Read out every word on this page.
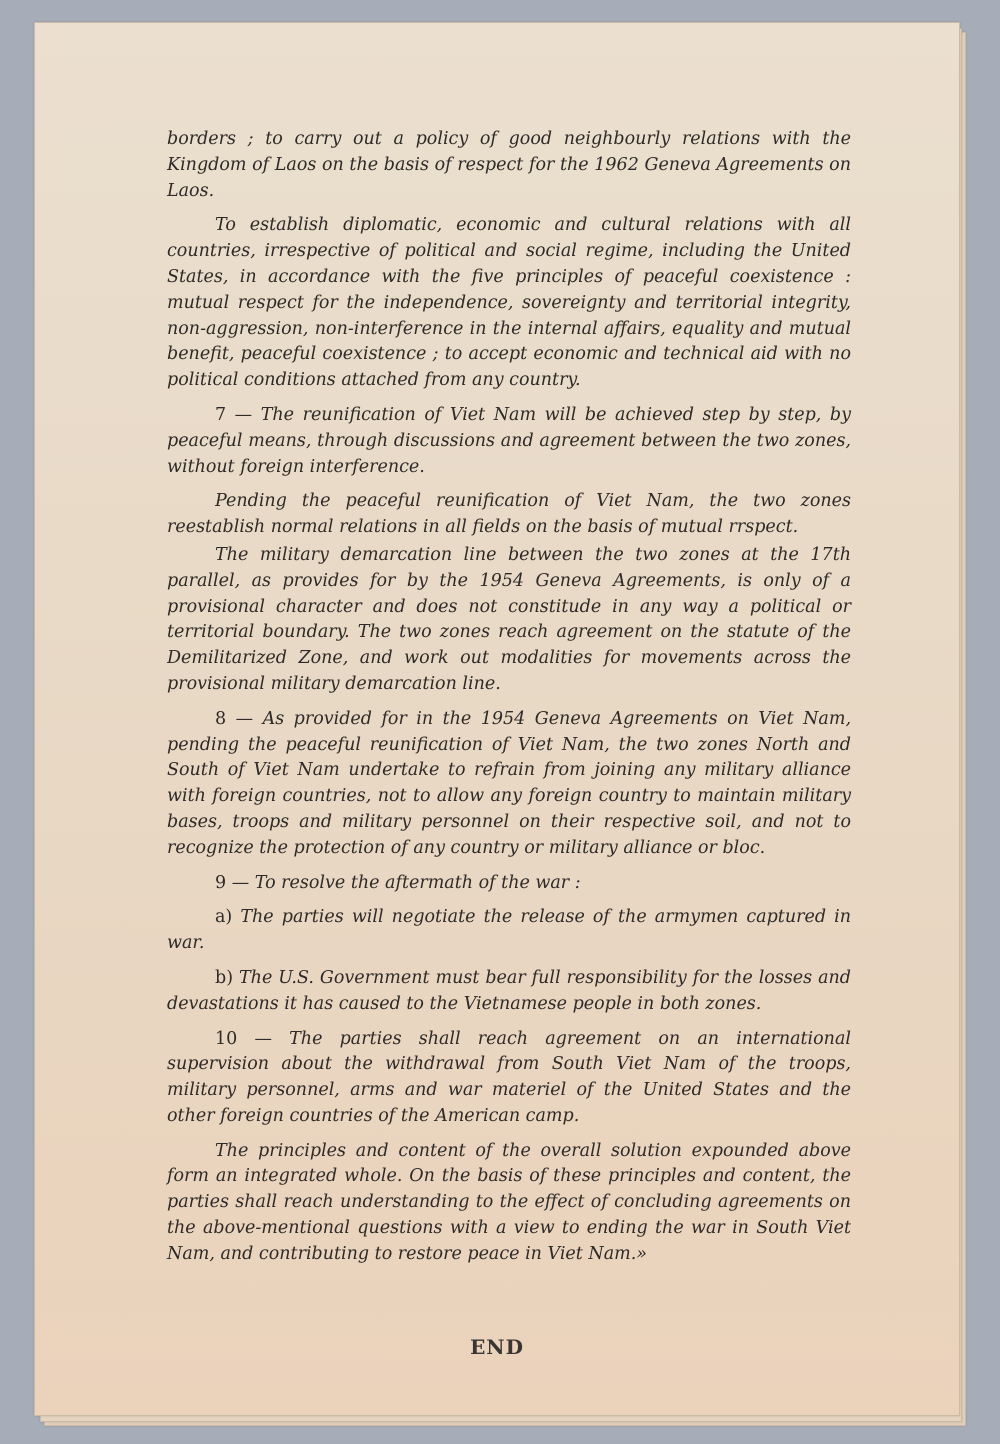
borders ; to carry out a policy of good neighbourly relations with the Kingdom of Laos on the basis of respect for the 1962 Geneva Agreements on Laos.

To establish diplomatic, economic and cultural relations with all countries, irrespective of political and social regime, including the United States, in accordance with the five principles of peaceful coexistence : mutual respect for the independence, sovereignty and territorial integrity, non-aggression, non-interference in the internal affairs, equality and mutual benefit, peaceful coexistence ; to accept economic and technical aid with no political conditions attached from any country.

7 — The reunification of Viet Nam will be achieved step by step, by peaceful means, through discussions and agreement between the two zones, without foreign interference.

Pending the peaceful reunification of Viet Nam, the two zones reestablish normal relations in all fields on the basis of mutual rrspect.

The military demarcation line between the two zones at the 17th parallel, as provides for by the 1954 Geneva Agreements, is only of a provisional character and does not constitude in any way a political or territorial boundary. The two zones reach agreement on the statute of the Demilitarized Zone, and work out modalities for movements across the provisional military demarcation line.

8 — As provided for in the 1954 Geneva Agreements on Viet Nam, pending the peaceful reunification of Viet Nam, the two zones North and South of Viet Nam undertake to refrain from joining any military alliance with foreign countries, not to allow any foreign country to maintain military bases, troops and military personnel on their respective soil, and not to recognize the protection of any country or military alliance or bloc.

9 — To resolve the aftermath of the war :

a) The parties will negotiate the release of the armymen captured in war.

b) The U.S. Government must bear full responsibility for the losses and devastations it has caused to the Vietnamese people in both zones.

10 — The parties shall reach agreement on an international supervision about the withdrawal from South Viet Nam of the troops, military personnel, arms and war materiel of the United States and the other foreign countries of the American camp.

The principles and content of the overall solution expounded above form an integrated whole. On the basis of these principles and content, the parties shall reach understanding to the effect of concluding agreements on the above-mentional questions with a view to ending the war in South Viet Nam, and contributing to restore peace in Viet Nam.»

END
